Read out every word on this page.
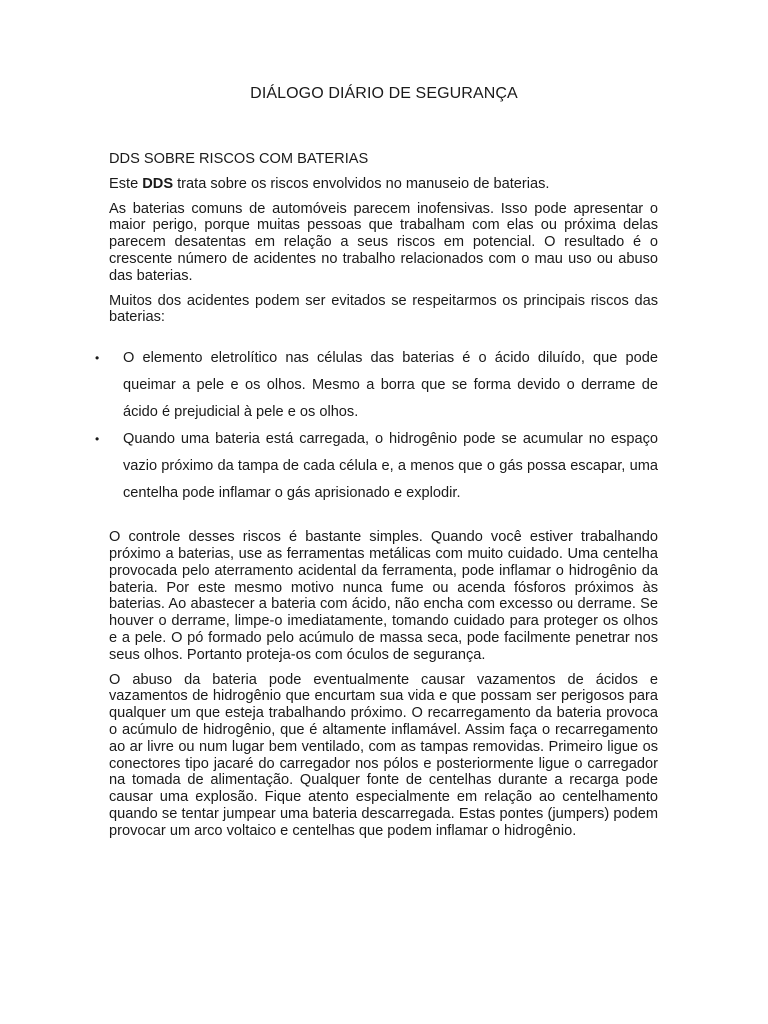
DIÁLOGO DIÁRIO DE SEGURANÇA

DDS SOBRE RISCOS COM BATERIAS

Este DDS trata sobre os riscos envolvidos no manuseio de baterias.

As baterias comuns de automóveis parecem inofensivas. Isso pode apresentar o maior perigo, porque muitas pessoas que trabalham com elas ou próxima delas parecem desatentas em relação a seus riscos em potencial. O resultado é o crescente número de acidentes no trabalho relacionados com o mau uso ou abuso das baterias.

Muitos dos acidentes podem ser evitados se respeitarmos os principais riscos das baterias:

•	O elemento eletrolítico nas células das baterias é o ácido diluído, que pode queimar a pele e os olhos. Mesmo a borra que se forma devido o derrame de ácido é prejudicial à pele e os olhos.
•	Quando uma bateria está carregada, o hidrogênio pode se acumular no espaço vazio próximo da tampa de cada célula e, a menos que o gás possa escapar, uma centelha pode inflamar o gás aprisionado e explodir.

O controle desses riscos é bastante simples. Quando você estiver trabalhando próximo a baterias, use as ferramentas metálicas com muito cuidado. Uma centelha provocada pelo aterramento acidental da ferramenta, pode inflamar o hidrogênio da bateria. Por este mesmo motivo nunca fume ou acenda fósforos próximos às baterias. Ao abastecer a bateria com ácido, não encha com excesso ou derrame. Se houver o derrame, limpe-o imediatamente, tomando cuidado para proteger os olhos e a pele. O pó formado pelo acúmulo de massa seca, pode facilmente penetrar nos seus olhos. Portanto proteja-os com óculos de segurança.

O abuso da bateria pode eventualmente causar vazamentos de ácidos e vazamentos de hidrogênio que encurtam sua vida e que possam ser perigosos para qualquer um que esteja trabalhando próximo. O recarregamento da bateria provoca o acúmulo de hidrogênio, que é altamente inflamável. Assim faça o recarregamento ao ar livre ou num lugar bem ventilado, com as tampas removidas. Primeiro ligue os conectores tipo jacaré do carregador nos pólos e posteriormente ligue o carregador na tomada de alimentação. Qualquer fonte de centelhas durante a recarga pode causar uma explosão. Fique atento especialmente em relação ao centelhamento quando se tentar jumpear uma bateria descarregada. Estas pontes (jumpers) podem provocar um arco voltaico e centelhas que podem inflamar o hidrogênio.
